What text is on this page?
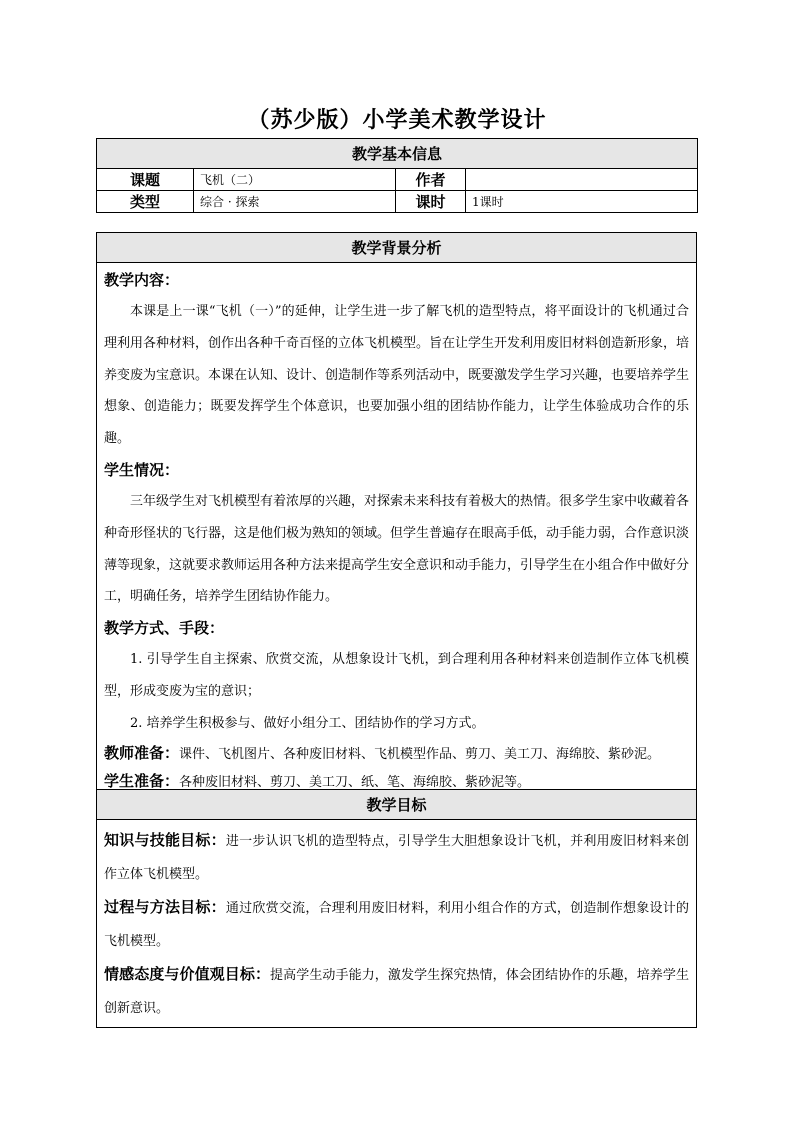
（苏少版）小学美术教学设计
教学基本信息			
课题	飞机（二）	作者	
类型	综合 · 探索	课时	1课时
教学背景分析

教学内容：

本课是上一课“飞机（一）”的延伸，让学生进一步了解飞机的造型特点，将平面设计的飞机通过合理利用各种材料，创作出各种千奇百怪的立体飞机模型。旨在让学生开发利用废旧材料创造新形象，培养变废为宝意识。本课在认知、设计、创造制作等系列活动中，既要激发学生学习兴趣，也要培养学生想象、创造能力；既要发挥学生个体意识，也要加强小组的团结协作能力，让学生体验成功合作的乐趣。

学生情况：

三年级学生对飞机模型有着浓厚的兴趣，对探索未来科技有着极大的热情。很多学生家中收藏着各种奇形怪状的飞行器，这是他们极为熟知的领域。但学生普遍存在眼高手低，动手能力弱，合作意识淡薄等现象，这就要求教师运用各种方法来提高学生安全意识和动手能力，引导学生在小组合作中做好分工，明确任务，培养学生团结协作能力。

教学方式、手段：

1. 引导学生自主探索、欣赏交流，从想象设计飞机，到合理利用各种材料来创造制作立体飞机模型，形成变废为宝的意识；

2. 培养学生积极参与、做好小组分工、团结协作的学习方式。

教师准备：课件、飞机图片、各种废旧材料、飞机模型作品、剪刀、美工刀、海绵胶、紫砂泥。

学生准备：各种废旧材料、剪刀、美工刀、纸、笔、海绵胶、紫砂泥等。

教学目标

知识与技能目标：进一步认识飞机的造型特点，引导学生大胆想象设计飞机，并利用废旧材料来创作立体飞机模型。

过程与方法目标：通过欣赏交流，合理利用废旧材料，利用小组合作的方式，创造制作想象设计的飞机模型。

情感态度与价值观目标：提高学生动手能力，激发学生探究热情，体会团结协作的乐趣，培养学生创新意识。
